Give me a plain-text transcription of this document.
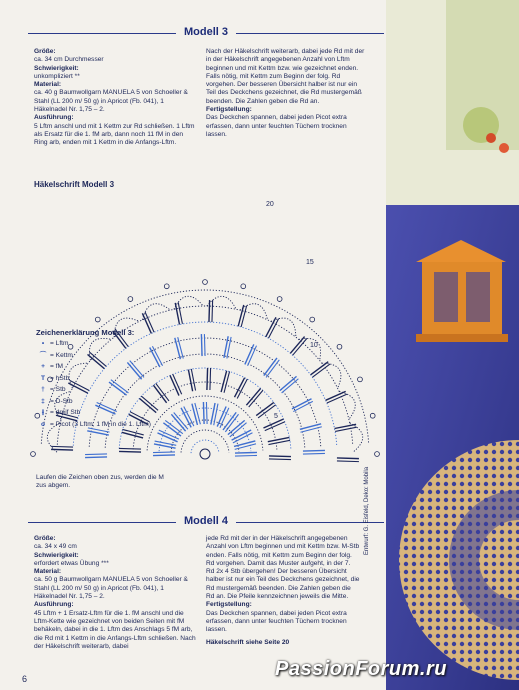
Modell 3

Größe:
ca. 34 cm Durchmesser

Schwierigkeit:
unkompliziert **

Material:
ca. 40 g Baumwollgarn MANUELA 5 von Schoeller & Stahl (LL 200 m/ 50 g) in Apricot (Fb. 041), 1 Häkelnadel Nr. 1,75 – 2.

Ausführung:
5 Lftm anschl und mit 1 Kettm zur Rd schließen. 1 Lftm als Ersatz für die 1. fM arb, dann noch 11 fM in den Ring arb, enden mit 1 Kettm in die Anfangs-Lftm.

Nach der Häkelschrift weiterarb, dabei jede Rd mit der in der Häkelschrift angegebenen Anzahl von Lftm beginnen und mit Kettm bzw. wie gezeichnet enden. Falls nötig, mit Kettm zum Beginn der folg. Rd vorgehen. Der besseren Übersicht halber ist nur ein Teil des Deckchens gezeichnet, die Rd mustergemäß beenden. Die Zahlen geben die Rd an.

Fertigstellung:
Das Deckchen spannen, dabei jeden Picot extra erfassen, dann unter feuchten Tüchern trocknen lassen.

Häkelschrift Modell 3
20
15
10
5
Zeichenerklärung Modell 3:
• = Lftm
⌒ = Kettm
+ = fM
T = hStb
† = Stb
‡ = D-Stb
⫲ = dreif Stb
o = Picot (3 Lftm, 1 fM in die 1. Lftm)
Laufen die Zeichen oben zus, werden die M zus abgem.
Modell 4

Größe:
ca. 34 x 49 cm

Schwierigkeit:
erfordert etwas Übung ***

Material:
ca. 50 g Baumwollgarn MANUELA 5 von Schoeller & Stahl (LL 200 m/ 50 g) in Apricot (Fb. 041), 1 Häkelnadel Nr. 1,75 – 2.

Ausführung:
45 Lftm + 1 Ersatz-Lftm für die 1. fM anschl und die Lftm-Kette wie gezeichnet von beiden Seiten mit fM behäkeln, dabei in die 1. Lftm des Anschlags 5 fM arb, die Rd mit 1 Kettm in die Anfangs-Lftm schließen. Nach der Häkelschrift weiterarb, dabei

jede Rd mit der in der Häkelschrift angegebenen Anzahl von Lftm beginnen und mit Kettm bzw. M-Stb enden. Falls nötig, mit Kettm zum Beginn der folg. Rd vorgehen. Damit das Muster aufgeht, in der 7. Rd 2x 4 Stb übergehen! Der besseren Übersicht halber ist nur ein Teil des Deckchens gezeichnet, die Rd mustergemäß beenden. Die Zahlen geben die Rd an. Die Pfeile kennzeichnen jeweils die Mitte.

Fertigstellung:
Das Deckchen spannen, dabei jeden Picot extra erfassen, dann unter feuchten Tüchern trocknen lassen.

Häkelschrift siehe Seite 20

Entwurf: G. Eisfeld, Deko: Mobila
PassionForum.ru
6
